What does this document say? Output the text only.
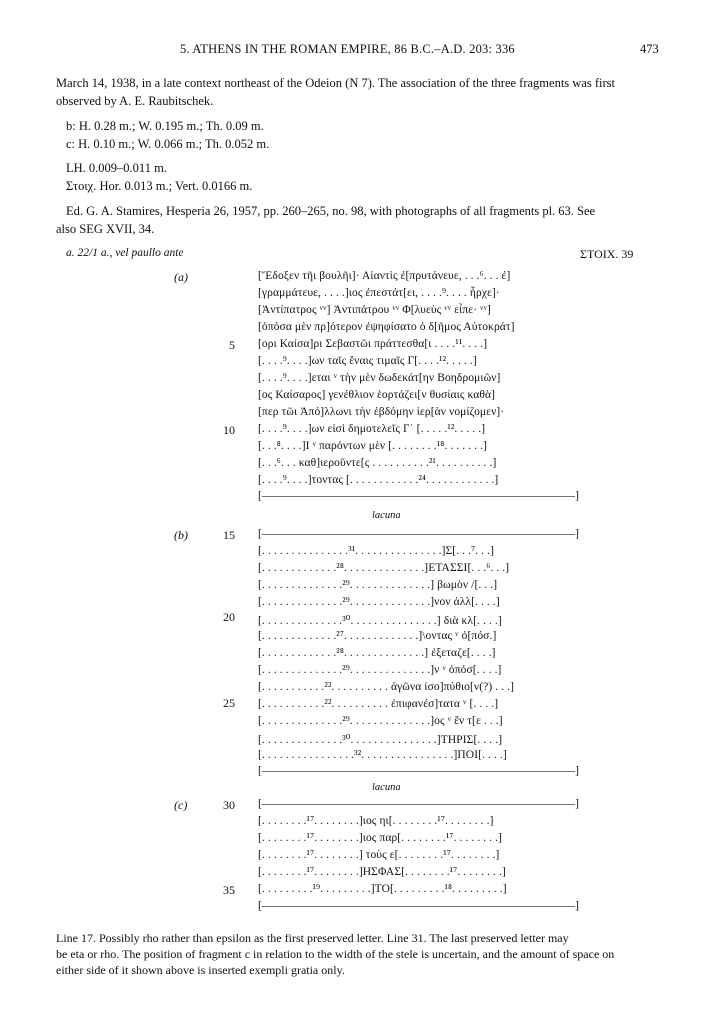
5. ATHENS IN THE ROMAN EMPIRE, 86 B.C.–A.D. 203: 336	473
March 14, 1938, in a late context northeast of the Odeion (N 7). The association of the three fragments was first
observed by A. E. Raubitschek.
b: H. 0.28 m.; W. 0.195 m.; Th. 0.09 m.
c: H. 0.10 m.; W. 0.066 m.; Th. 0.052 m.
LH. 0.009–0.011 m.
Στοιχ. Hor. 0.013 m.; Vert. 0.0166 m.
Ed. G. A. Stamires, Hesperia 26, 1957, pp. 260–265, no. 98, with photographs of all fragments pl. 63. See
also SEG XVII, 34.
a. 22/1 a., vel paullo ante	ΣΤΟΙΧ. 39
(a)
(b)
(c)
5
10
15
20
25
30
35
[Ἔδοξεν τῆι βουλῆι]· Αἰαντὶς ἐ[πρυτάνευε, . . .⁶. . . ἐ]
[γραμμάτευε, . . . .]ιος ἐπεστάτ[ει, . . . .⁹. . . . ἦρχε]·
[Ἀντίπατρος ᵛᵛ] Ἀντιπάτρου ᵛᵛ Φ[λυεὺς ᵛᵛ εἶπε· ᵛᵛ]
[ὁπόσα μὲν πρ]ότερον ἐψηφίσατο ὁ δ[ῆμος Αὐτοκράτ]
[ορι Καίσα]ρι Σεβαστῶι πράττεσθα[ι . . . .¹¹. . . .]
[. . . .⁹. . . .]ων ταῖς ἔναις τιμαῖς Γ[. . . .¹². . . . .]
[. . . .⁹. . . .]εται ᵛ τὴν μὲν δωδεκάτ[ην Βοηδρομιῶν]
[ος Καίσαρος] γενέθλιον ἑορτάζει[ν θυσίαις καθὰ]
[περ τῶι Ἀπό]λλωνι τὴν ἑβδόμην ἱερ[ὰν νομίζομεν]·
[. . . .⁹. . . .]ων εἰσὶ δημοτελεῖς Γ˙ [. . . . .¹². . . . .]
[. . .⁸. . . .]Ι ᵛ παρόντων μὲν [. . . . . . . .¹⁸. . . . . . .]
[. . .⁶. . . καθ]ιεροῦντε[ς . . . . . . . . . .²¹. . . . . . . . . .]
[. . . .⁹. . . .]τοντας [. . . . . . . . . . . .²⁴. . . . . . . . . . . .]
[———————————————————————————]
lacuna
[———————————————————————————]
[. . . . . . . . . . . . . . .³¹. . . . . . . . . . . . . . .]Σ[. . .⁷. . .]
[. . . . . . . . . . . . .²⁸. . . . . . . . . . . . . .]ΕΤΑΣΣΙ[. . .⁶. . .]
[. . . . . . . . . . . . . .²⁹. . . . . . . . . . . . . .] βωμὸν /[. . .]
[. . . . . . . . . . . . . .²⁹. . . . . . . . . . . . . .]νον ἀλλ[. . . .]
[. . . . . . . . . . . . . .³⁰. . . . . . . . . . . . . . .] διὰ κλ[. . . .]
[. . . . . . . . . . . . .²⁷. . . . . . . . . . . . .]\οντας ᵛ ὁ[πόσ.]
[. . . . . . . . . . . . .²⁸. . . . . . . . . . . . . .] ἐξεταζε[. . . .]
[. . . . . . . . . . . . . .²⁹. . . . . . . . . . . . . .]ν ᵛ ὁπόσ[. . . .]
[. . . . . . . . . . .²². . . . . . . . . . ἀγῶνα ἰσο]πύθιο[ν(?) . . .]
[. . . . . . . . . . .²². . . . . . . . . . ἐπιφανέσ]τατα ᵛ [. . . .]
[. . . . . . . . . . . . . .²⁹. . . . . . . . . . . . . .]ος ᵛ ἕν τ[ε . . .]
[. . . . . . . . . . . . . .³⁰. . . . . . . . . . . . . . .]ΤΗΡΙΣ[. . . .]
[. . . . . . . . . . . . . . . .³². . . . . . . . . . . . . . . .]ΠΟΙ[. . . .]
[———————————————————————————]
lacuna
[———————————————————————————]
[. . . . . . . .¹⁷. . . . . . . .]ιος ηι[. . . . . . . .¹⁷. . . . . . . .]
[. . . . . . . .¹⁷. . . . . . . .]ιος παρ[. . . . . . . .¹⁷. . . . . . . .]
[. . . . . . . .¹⁷. . . . . . . .] τοὺς ε[. . . . . . . .¹⁷. . . . . . . .]
[. . . . . . . .¹⁷. . . . . . . .]ΗΣΦΑΣ[. . . . . . . .¹⁷. . . . . . . .]
[. . . . . . . . .¹⁹. . . . . . . . .]ΤΟ[. . . . . . . . .¹⁸. . . . . . . . .]
[———————————————————————————]
Line 17. Possibly rho rather than epsilon as the first preserved letter. Line 31. The last preserved letter may
be eta or rho. The position of fragment c in relation to the width of the stele is uncertain, and the amount of space on
either side of it shown above is inserted exempli gratia only.
